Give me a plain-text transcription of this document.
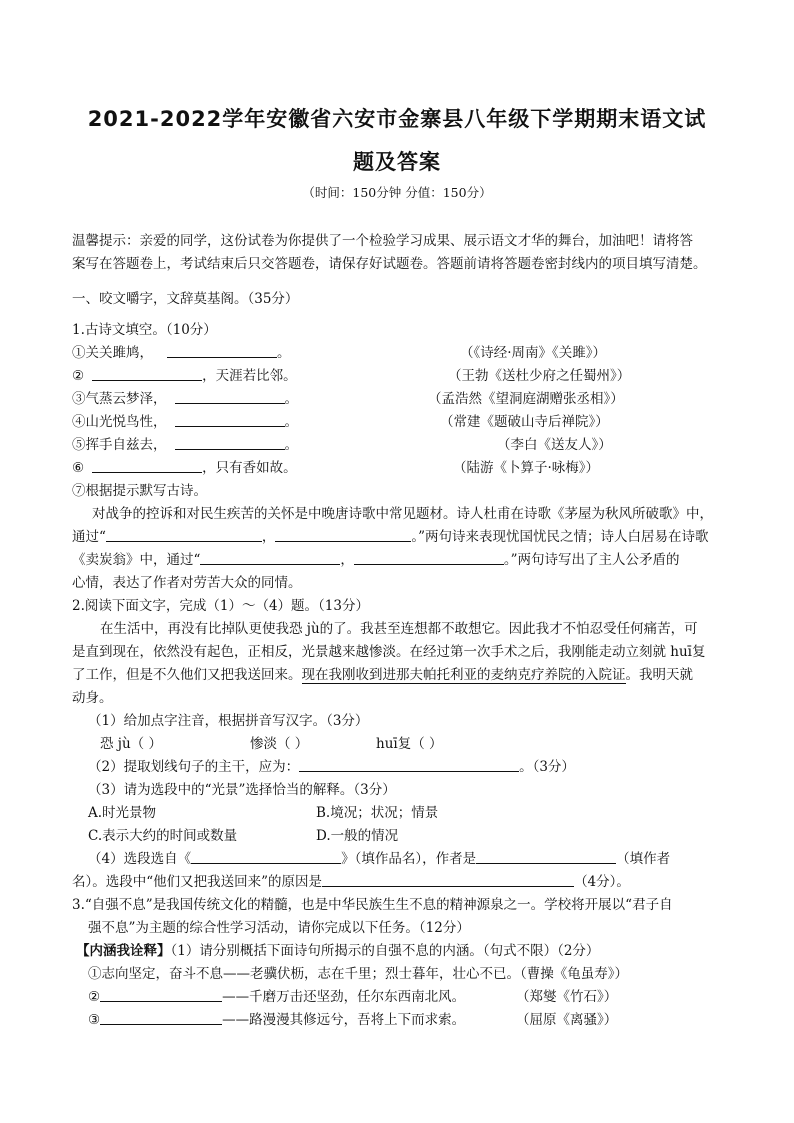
2021-2022学年安徽省六安市金寨县八年级下学期期末语文试
题及答案
（时间：150分钟 分值：150分）
温馨提示：亲爱的同学，这份试卷为你提供了一个检验学习成果、展示语文才华的舞台，加油吧！请将答
案写在答题卷上，考试结束后只交答题卷，请保存好试题卷。答题前请将答题卷密封线内的项目填写清楚。
一、咬文嚼字，文辞莫基阁。（35分）
1.古诗文填空。（10分）
①关关雎鸠，	。	（《诗经·周南》《关雎》）
②	，天涯若比邻。	（王勃《送杜少府之任蜀州》）
③气蒸云梦泽，	。	（孟浩然《望洞庭湖赠张丞相》）
④山光悦鸟性，	。	（常建《题破山寺后禅院》）
⑤挥手自兹去，	。	（李白《送友人》）
⑥	，只有香如故。	（陆游《卜算子·咏梅》）
⑦根据提示默写古诗。
对战争的控诉和对民生疾苦的关怀是中晚唐诗歌中常见题材。诗人杜甫在诗歌《茅屋为秋风所破歌》中，
通过“	，	。”两句诗来表现忧国忧民之情；诗人白居易在诗歌
《卖炭翁》中，通过“	，	。”两句诗写出了主人公矛盾的
心情，表达了作者对劳苦大众的同情。
2.阅读下面文字，完成（1）～（4）题。（13分）
在生活中，再没有比掉队更使我恐 jù的了。我甚至连想都不敢想它。因此我才不怕忍受任何痛苦，可
是直到现在，依然没有起色，正相反，光景越来越惨淡。在经过第一次手术之后，我刚能走动立刻就 huī复
了工作，但是不久他们又把我送回来。现在我刚收到进那夫帕托利亚的麦纳克疗养院的入院证。我明天就
动身。
（1）给加点字注音，根据拼音写汉字。（3分）
恐 jù（ ）	惨淡（ ）	huī复（ ）
（2）提取划线句子的主干，应为：	。（3分）
（3）请为选段中的“光景”选择恰当的解释。（3分）
A.时光景物	B.境况；状况；情景
C.表示大约的时间或数量	D.一般的情况
（4）选段选自《	》（填作品名），作者是	（填作者
名）。选段中“他们又把我送回来”的原因是	（4分）。
3.“自强不息”是我国传统文化的精髓，也是中华民族生生不息的精神源泉之一。学校将开展以“君子自
强不息”为主题的综合性学习活动，请你完成以下任务。（12分）
【内涵我诠释】（1）请分别概括下面诗句所揭示的自强不息的内涵。（句式不限）（2分）
①志向坚定，奋斗不息——老骥伏枥，志在千里；烈士暮年，壮心不已。（曹操《龟虽寿》）
②	——千磨万击还坚劲，任尔东西南北风。	（郑燮《竹石》）
③	——路漫漫其修远兮，吾将上下而求索。	（屈原《离骚》）
